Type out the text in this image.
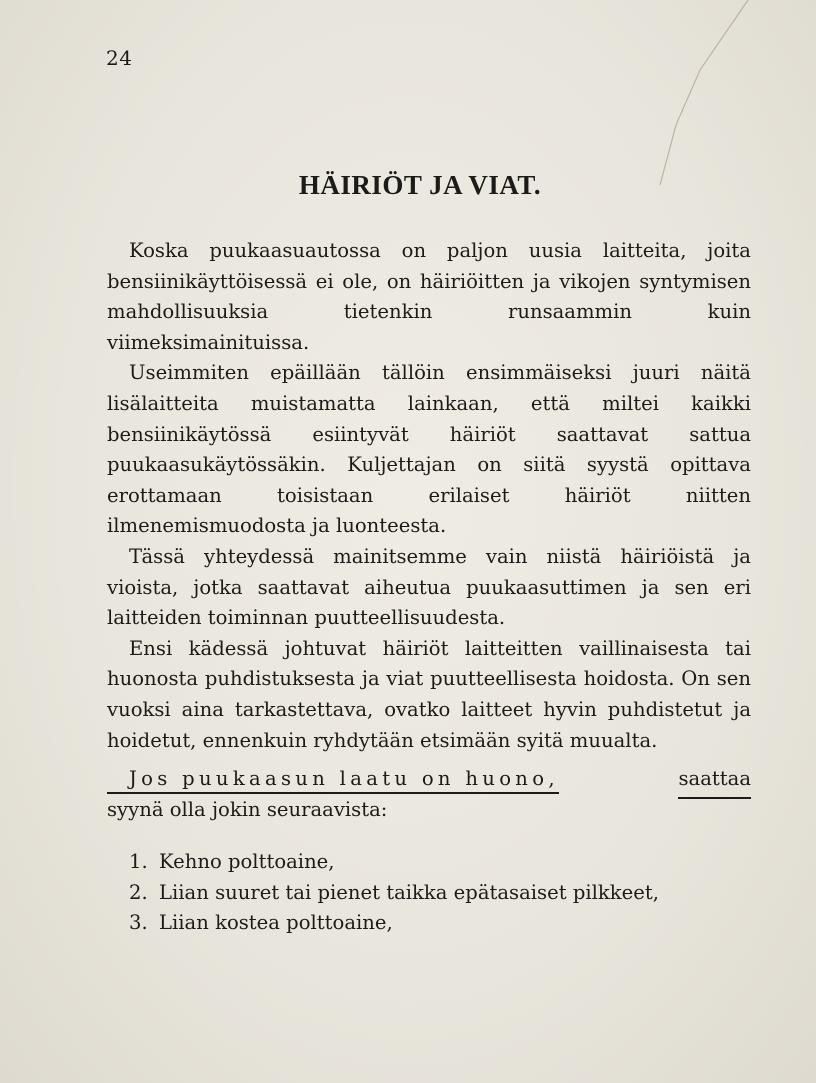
24
HÄIRIÖT JA VIAT.

Koska puukaasuautossa on paljon uusia laitteita, joita bensiinikäyttöisessä ei ole, on häiriöitten ja vikojen syntymisen mahdollisuuksia tietenkin runsaammin kuin viimeksimainituissa.

Useimmiten epäillään tällöin ensimmäiseksi juuri näitä lisälaitteita muistamatta lainkaan, että miltei kaikki bensiinikäytössä esiintyvät häiriöt saattavat sattua puukaasukäytössäkin. Kuljettajan on siitä syystä opittava erottamaan toisistaan erilaiset häiriöt niitten ilmenemismuodosta ja luonteesta.

Tässä yhteydessä mainitsemme vain niistä häiriöistä ja vioista, jotka saattavat aiheutua puukaasuttimen ja sen eri laitteiden toiminnan puutteellisuudesta.

Ensi kädessä johtuvat häiriöt laitteitten vaillinaisesta tai huonosta puhdistuksesta ja viat puutteellisesta hoidosta. On sen vuoksi aina tarkastettava, ovatko laitteet hyvin puhdistetut ja hoidetut, ennenkuin ryhdytään etsimään syitä muualta.

Jos puukaasun laatu on huono,	saattaa
syynä olla jokin seuraavista:
1. Kehno polttoaine,
2. Liian suuret tai pienet taikka epätasaiset pilkkeet,
3. Liian kostea polttoaine,
